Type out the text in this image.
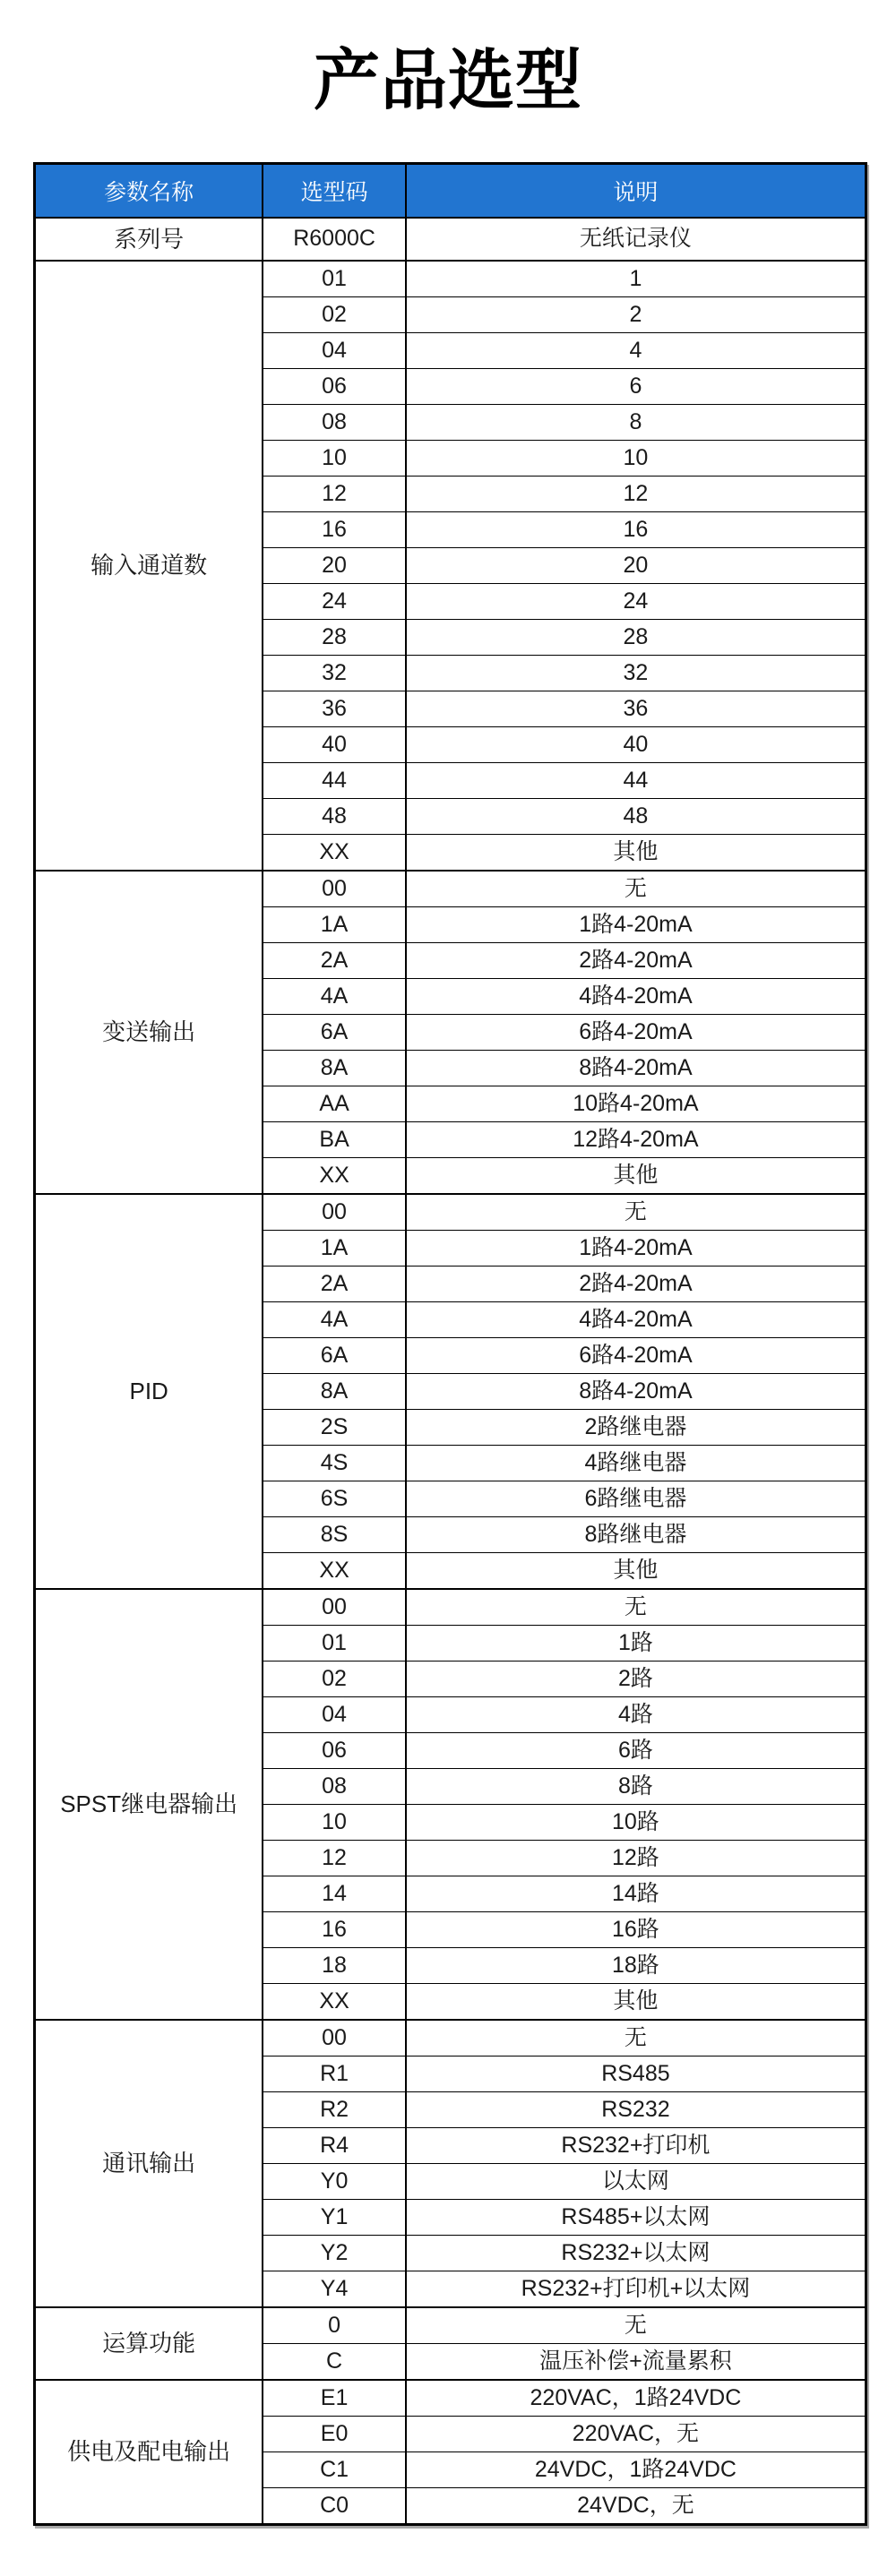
产品选型
参数名称	选型码	说明
系列号	R6000C	无纸记录仪
输入通道数	01	1
	02	2
	04	4
	06	6
	08	8
	10	10
	12	12
	16	16
	20	20
	24	24
	28	28
	32	32
	36	36
	40	40
	44	44
	48	48
	XX	其他
变送输出	00	无
	1A	1路4-20mA
	2A	2路4-20mA
	4A	4路4-20mA
	6A	6路4-20mA
	8A	8路4-20mA
	AA	10路4-20mA
	BA	12路4-20mA
	XX	其他
PID	00	无
	1A	1路4-20mA
	2A	2路4-20mA
	4A	4路4-20mA
	6A	6路4-20mA
	8A	8路4-20mA
	2S	2路继电器
	4S	4路继电器
	6S	6路继电器
	8S	8路继电器
	XX	其他
SPST继电器输出	00	无
	01	1路
	02	2路
	04	4路
	06	6路
	08	8路
	10	10路
	12	12路
	14	14路
	16	16路
	18	18路
	XX	其他
通讯输出	00	无
	R1	RS485
	R2	RS232
	R4	RS232+打印机
	Y0	以太网
	Y1	RS485+以太网
	Y2	RS232+以太网
	Y4	RS232+打印机+以太网
运算功能	0	无
	C	温压补偿+流量累积
供电及配电输出	E1	220VAC，1路24VDC
	E0	220VAC，无
	C1	24VDC，1路24VDC
	C0	24VDC，无
